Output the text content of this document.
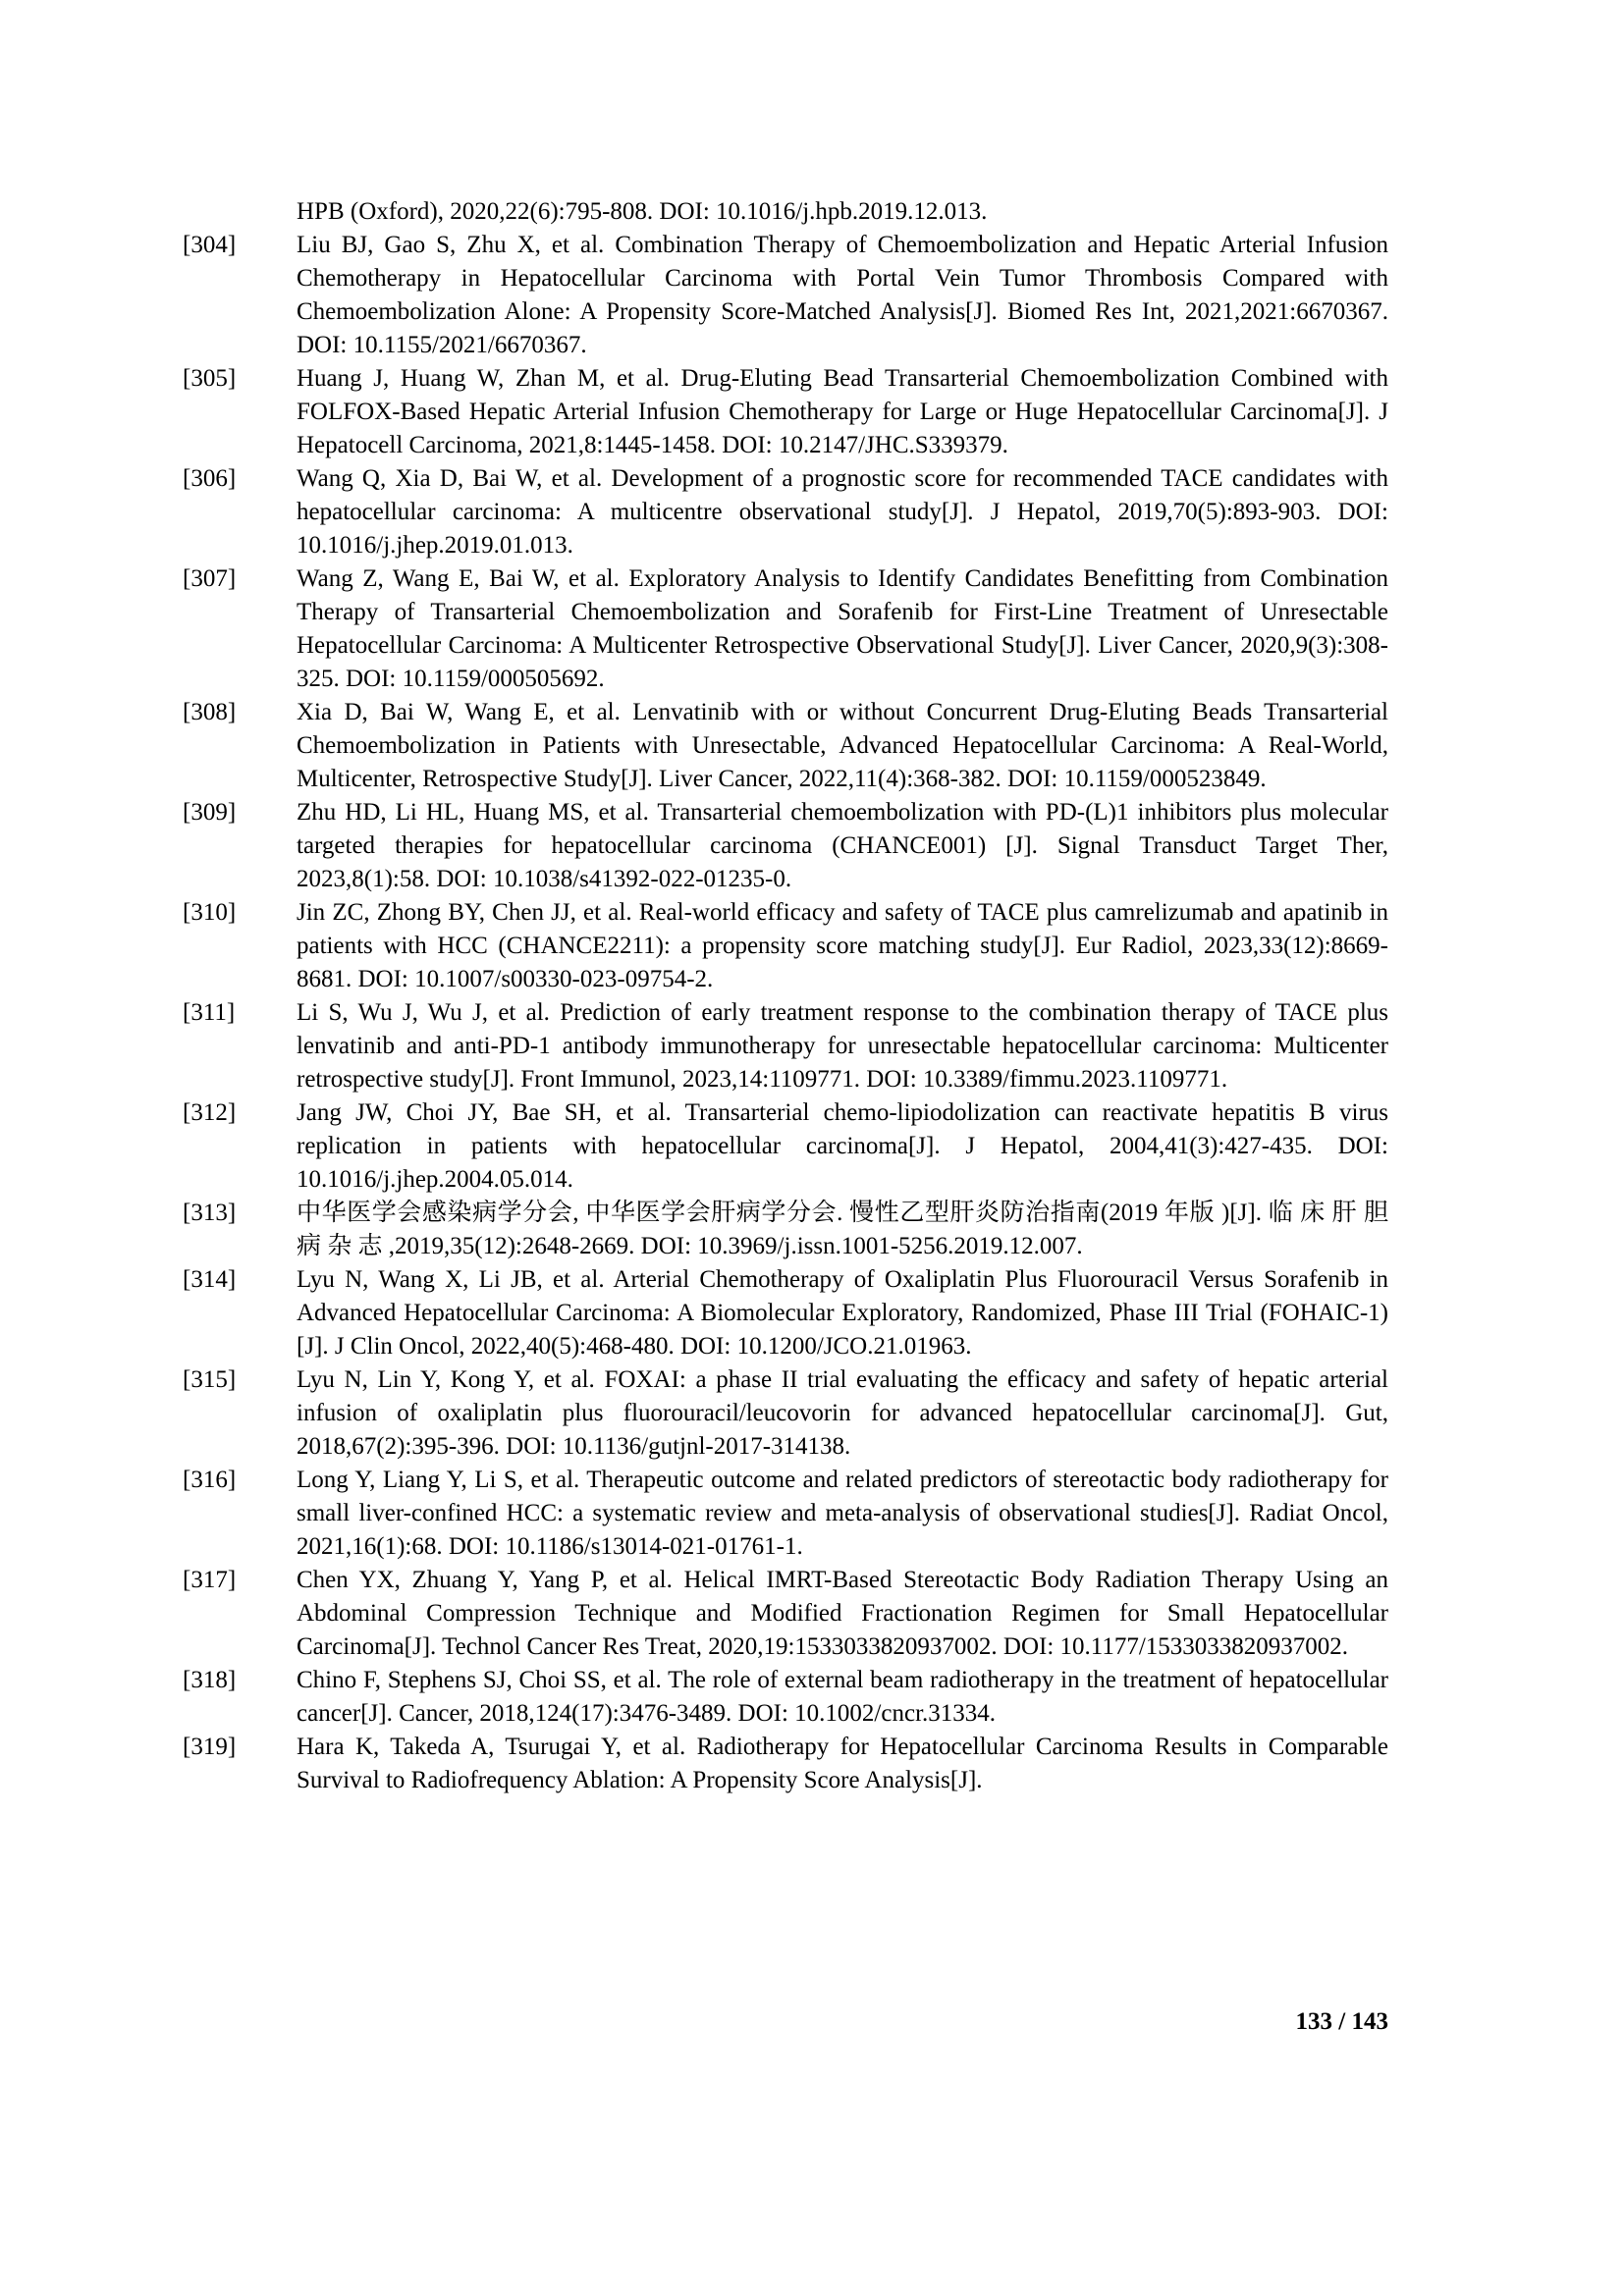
HPB (Oxford), 2020,22(6):795-808. DOI: 10.1016/j.hpb.2019.12.013.
[304]	Liu BJ, Gao S, Zhu X, et al. Combination Therapy of Chemoembolization and Hepatic Arterial Infusion Chemotherapy in Hepatocellular Carcinoma with Portal Vein Tumor Thrombosis Compared with Chemoembolization Alone: A Propensity Score-Matched Analysis[J]. Biomed Res Int, 2021,2021:6670367. DOI: 10.1155/2021/6670367.
[305]	Huang J, Huang W, Zhan M, et al. Drug-Eluting Bead Transarterial Chemoembolization Combined with FOLFOX-Based Hepatic Arterial Infusion Chemotherapy for Large or Huge Hepatocellular Carcinoma[J]. J Hepatocell Carcinoma, 2021,8:1445-1458. DOI: 10.2147/JHC.S339379.
[306]	Wang Q, Xia D, Bai W, et al. Development of a prognostic score for recommended TACE candidates with hepatocellular carcinoma: A multicentre observational study[J]. J Hepatol, 2019,70(5):893-903. DOI: 10.1016/j.jhep.2019.01.013.
[307]	Wang Z, Wang E, Bai W, et al. Exploratory Analysis to Identify Candidates Benefitting from Combination Therapy of Transarterial Chemoembolization and Sorafenib for First-Line Treatment of Unresectable Hepatocellular Carcinoma: A Multicenter Retrospective Observational Study[J]. Liver Cancer, 2020,9(3):308-325. DOI: 10.1159/000505692.
[308]	Xia D, Bai W, Wang E, et al. Lenvatinib with or without Concurrent Drug-Eluting Beads Transarterial Chemoembolization in Patients with Unresectable, Advanced Hepatocellular Carcinoma: A Real-World, Multicenter, Retrospective Study[J]. Liver Cancer, 2022,11(4):368-382. DOI: 10.1159/000523849.
[309]	Zhu HD, Li HL, Huang MS, et al. Transarterial chemoembolization with PD-(L)1 inhibitors plus molecular targeted therapies for hepatocellular carcinoma (CHANCE001) [J]. Signal Transduct Target Ther, 2023,8(1):58. DOI: 10.1038/s41392-022-01235-0.
[310]	Jin ZC, Zhong BY, Chen JJ, et al. Real-world efficacy and safety of TACE plus camrelizumab and apatinib in patients with HCC (CHANCE2211): a propensity score matching study[J]. Eur Radiol, 2023,33(12):8669-8681. DOI: 10.1007/s00330-023-09754-2.
[311]	Li S, Wu J, Wu J, et al. Prediction of early treatment response to the combination therapy of TACE plus lenvatinib and anti-PD-1 antibody immunotherapy for unresectable hepatocellular carcinoma: Multicenter retrospective study[J]. Front Immunol, 2023,14:1109771. DOI: 10.3389/fimmu.2023.1109771.
[312]	Jang JW, Choi JY, Bae SH, et al. Transarterial chemo-lipiodolization can reactivate hepatitis B virus replication in patients with hepatocellular carcinoma[J]. J Hepatol, 2004,41(3):427-435. DOI: 10.1016/j.jhep.2004.05.014.
[313]	中华医学会感染病学分会, 中华医学会肝病学分会. 慢性乙型肝炎防治指南(2019 年版 )[J]. 临 床 肝 胆 病 杂 志 ,2019,35(12):2648-2669. DOI: 10.3969/j.issn.1001-5256.2019.12.007.
[314]	Lyu N, Wang X, Li JB, et al. Arterial Chemotherapy of Oxaliplatin Plus Fluorouracil Versus Sorafenib in Advanced Hepatocellular Carcinoma: A Biomolecular Exploratory, Randomized, Phase III Trial (FOHAIC-1) [J]. J Clin Oncol, 2022,40(5):468-480. DOI: 10.1200/JCO.21.01963.
[315]	Lyu N, Lin Y, Kong Y, et al. FOXAI: a phase II trial evaluating the efficacy and safety of hepatic arterial infusion of oxaliplatin plus fluorouracil/leucovorin for advanced hepatocellular carcinoma[J]. Gut, 2018,67(2):395-396. DOI: 10.1136/gutjnl-2017-314138.
[316]	Long Y, Liang Y, Li S, et al. Therapeutic outcome and related predictors of stereotactic body radiotherapy for small liver-confined HCC: a systematic review and meta-analysis of observational studies[J]. Radiat Oncol, 2021,16(1):68. DOI: 10.1186/s13014-021-01761-1.
[317]	Chen YX, Zhuang Y, Yang P, et al. Helical IMRT-Based Stereotactic Body Radiation Therapy Using an Abdominal Compression Technique and Modified Fractionation Regimen for Small Hepatocellular Carcinoma[J]. Technol Cancer Res Treat, 2020,19:1533033820937002. DOI: 10.1177/1533033820937002.
[318]	Chino F, Stephens SJ, Choi SS, et al. The role of external beam radiotherapy in the treatment of hepatocellular cancer[J]. Cancer, 2018,124(17):3476-3489. DOI: 10.1002/cncr.31334.
[319]	Hara K, Takeda A, Tsurugai Y, et al. Radiotherapy for Hepatocellular Carcinoma Results in Comparable Survival to Radiofrequency Ablation: A Propensity Score Analysis[J].
133 / 143
